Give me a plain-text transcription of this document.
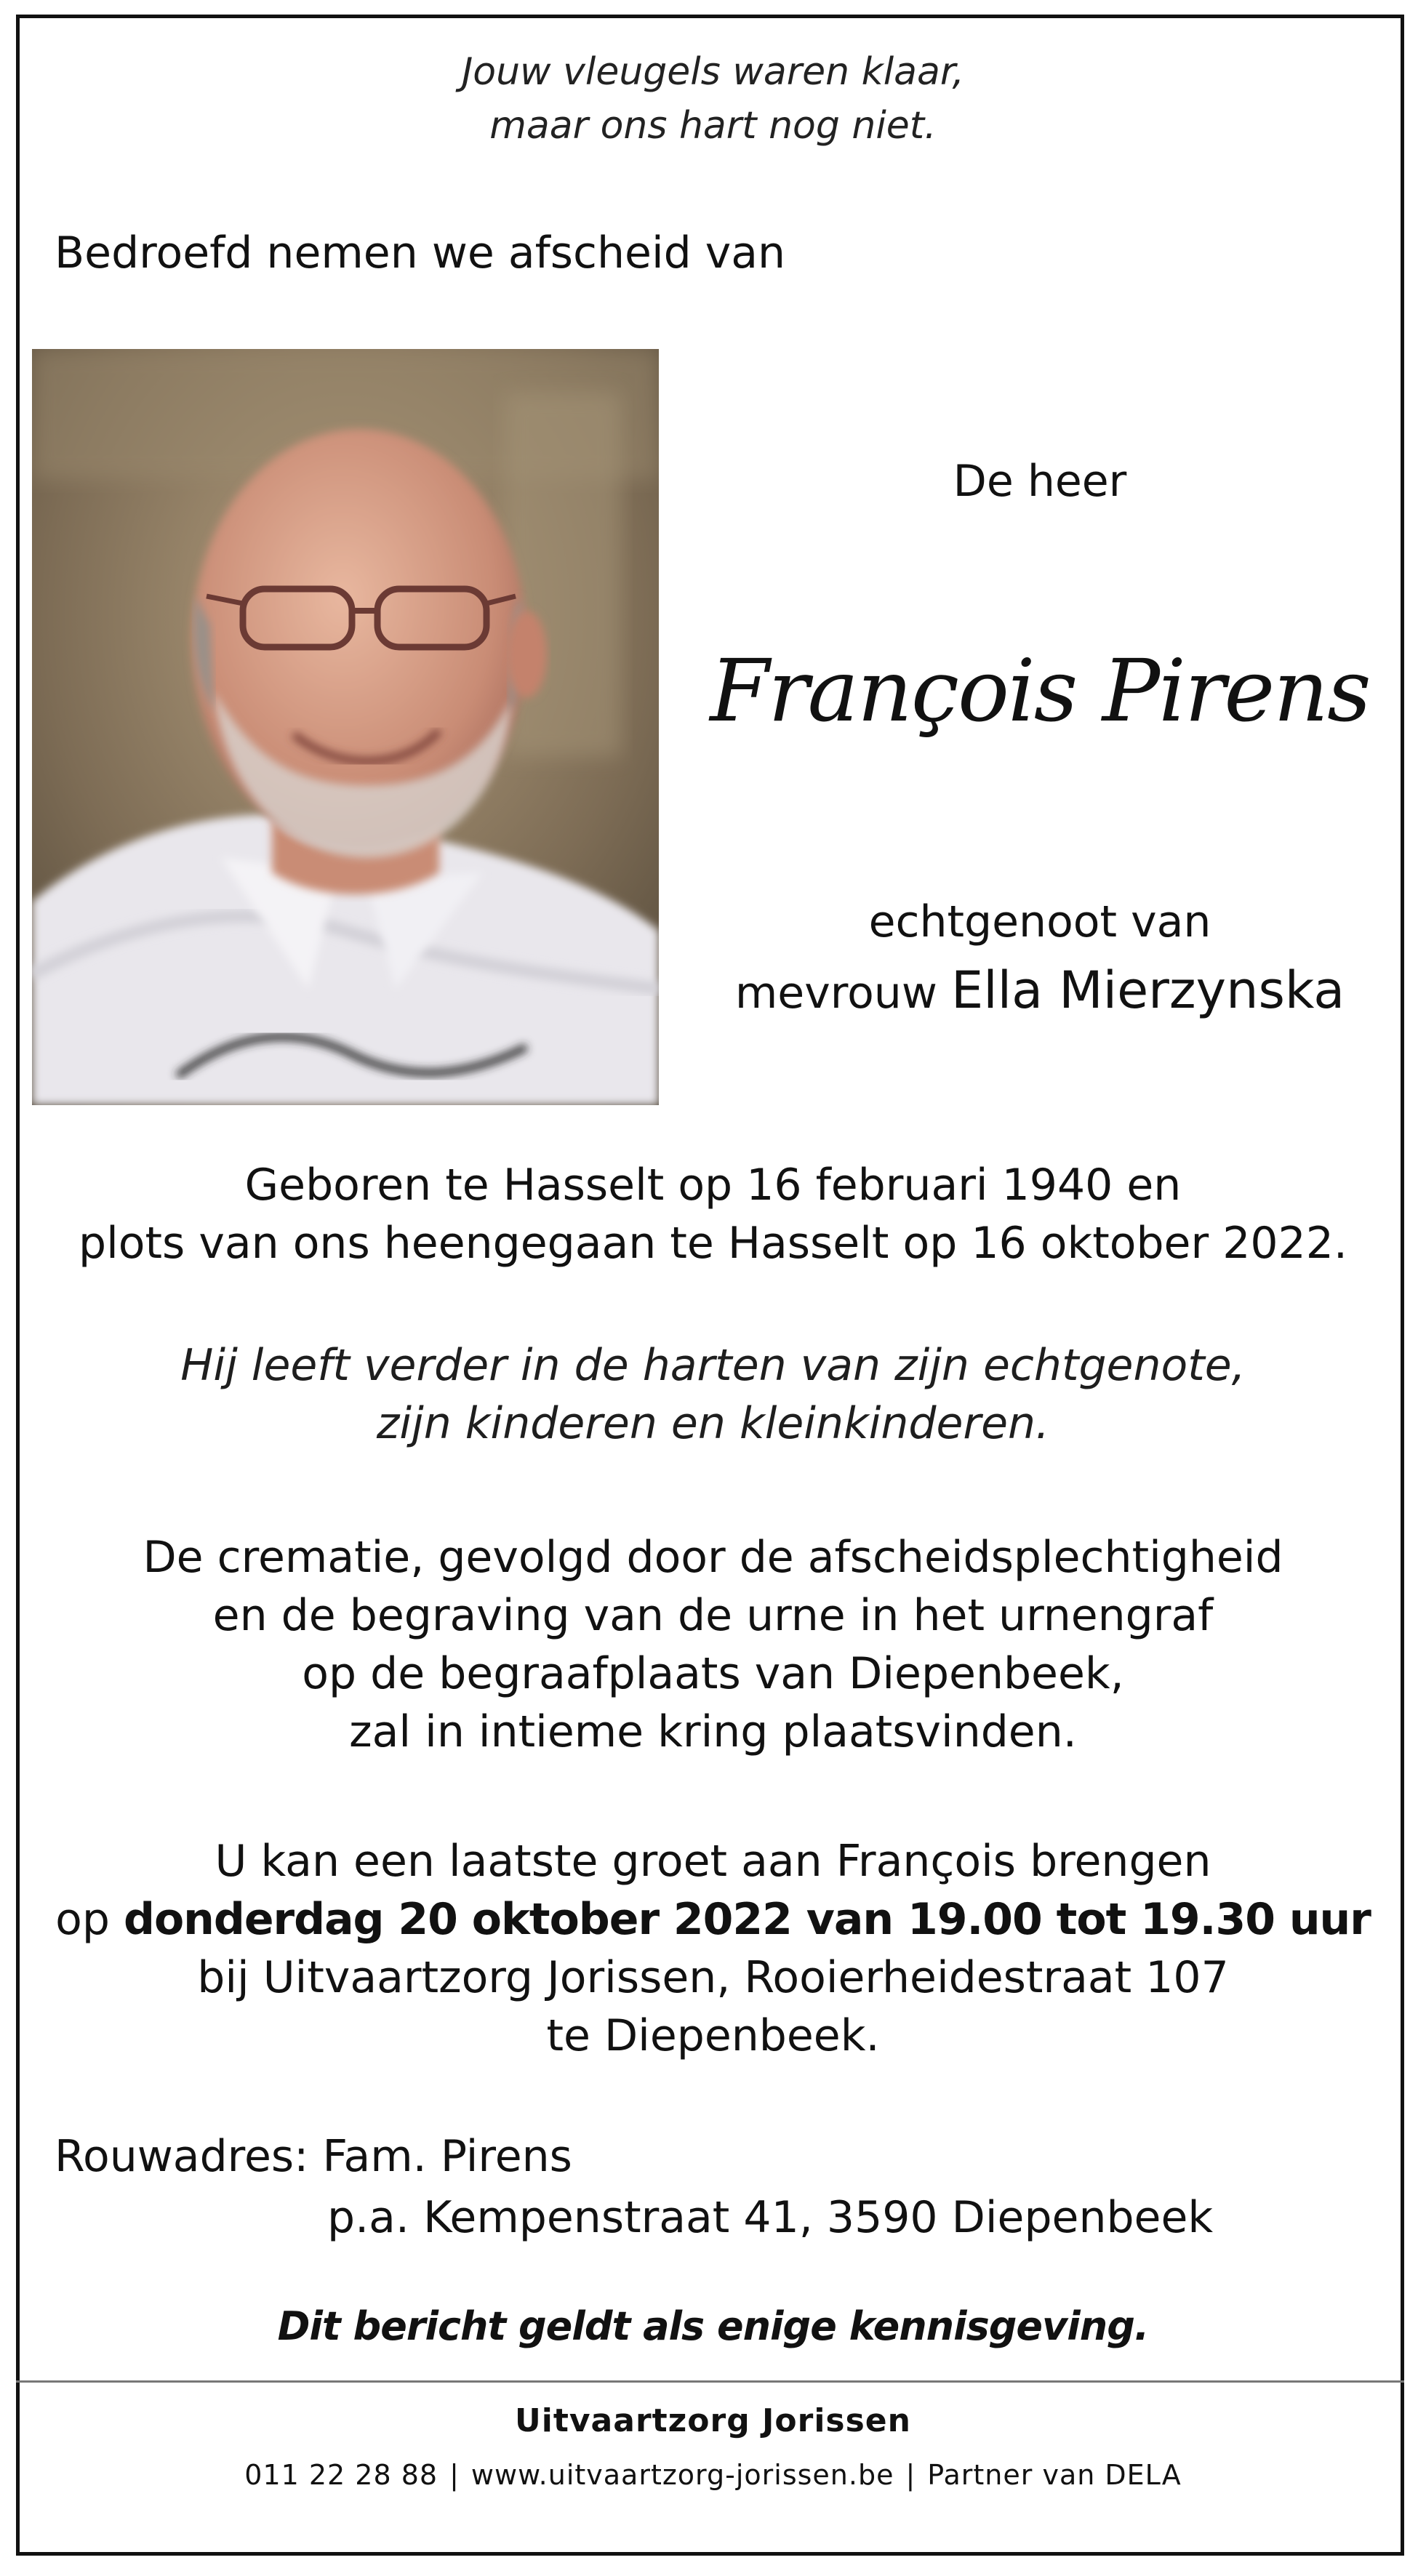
Jouw vleugels waren klaar,
maar ons hart nog niet.
Bedroefd nemen we afscheid van
De heer
François Pirens
echtgenoot van
mevrouw Ella Mierzynska
Geboren te Hasselt op 16 februari 1940 en
plots van ons heengegaan te Hasselt op 16 oktober 2022.
Hij leeft verder in de harten van zijn echtgenote,
zijn kinderen en kleinkinderen.
De crematie, gevolgd door de afscheidsplechtigheid
en de begraving van de urne in het urnengraf
op de begraafplaats van Diepenbeek,
zal in intieme kring plaatsvinden.
U kan een laatste groet aan François brengen
op donderdag 20 oktober 2022 van 19.00 tot 19.30 uur
bij Uitvaartzorg Jorissen, Rooierheidestraat 107
te Diepenbeek.
Rouwadres: Fam. Pirens
p.a. Kempenstraat 41, 3590 Diepenbeek
Dit bericht geldt als enige kennisgeving.
Uitvaartzorg Jorissen
011 22 28 88 | www.uitvaartzorg-jorissen.be | Partner van DELA
